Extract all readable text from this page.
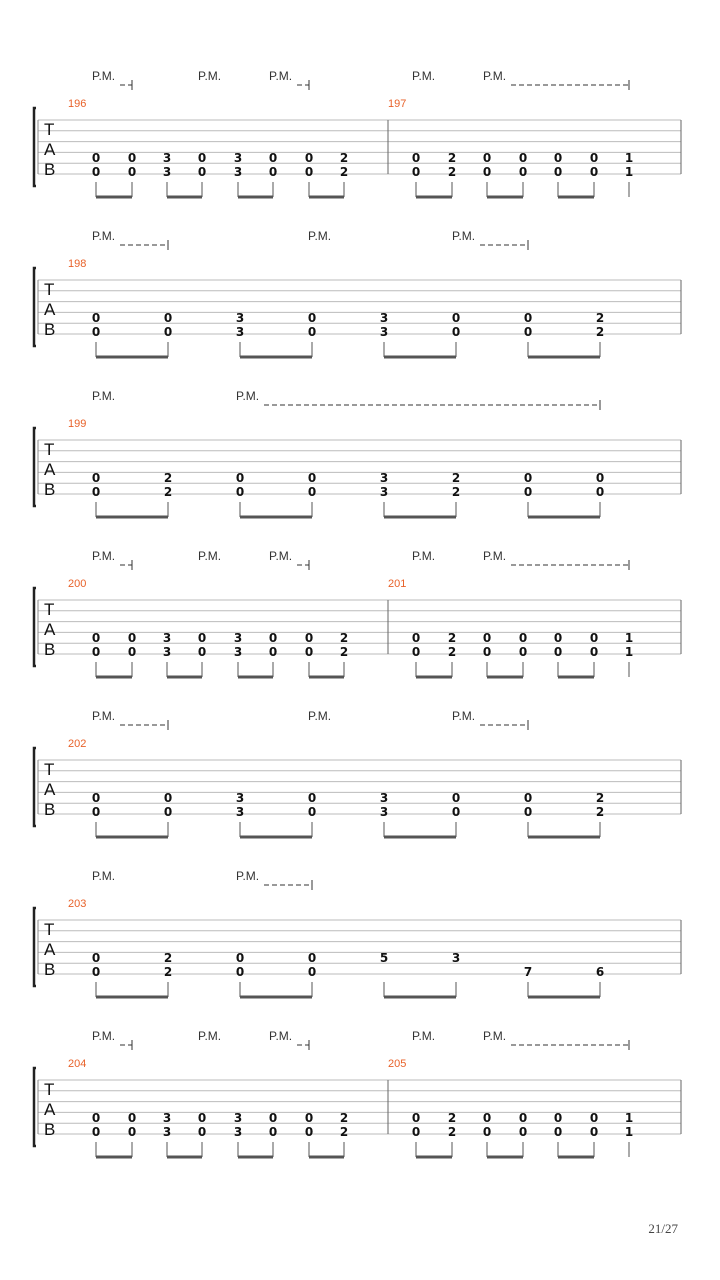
T
A
B
196
0
0
0
0
3
3
0
0
3
3
0
0
0
0
2
2
197
0
0
2
2
0
0
0
0
0
0
0
0
1
1
P.M.	P.M.	P.M.	P.M.	P.M.
T
A
B
198
0
0
0
0
3
3
0
0
3
3
0
0
0
0
2
2
P.M.	P.M.	P.M.
T
A
B
199
0
0
2
2
0
0
0
0
3
3
2
2
0
0
0
0
P.M.	P.M.
T
A
B
200
0
0
0
0
3
3
0
0
3
3
0
0
0
0
2
2
201
0
0
2
2
0
0
0
0
0
0
0
0
1
1
P.M.	P.M.	P.M.	P.M.	P.M.
T
A
B
202
0
0
0
0
3
3
0
0
3
3
0
0
0
0
2
2
P.M.	P.M.	P.M.
T
A
B
203
0
0
2
2
0
0
0
0
5	3
7	6
P.M.	P.M.
T
A
B
204
0
0
0
0
3
3
0
0
3
3
0
0
0
0
2
2
205
0
0
2
2
0
0
0
0
0
0
0
0
1
1
P.M.	P.M.	P.M.	P.M.	P.M.
21/27
